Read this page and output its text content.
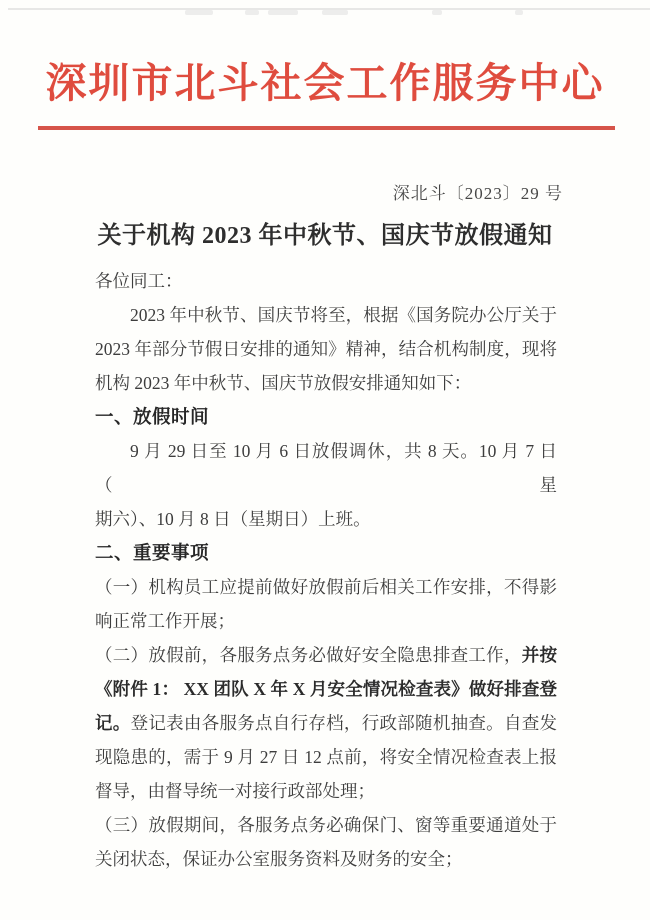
深圳市北斗社会工作服务中心
深北斗〔2023〕29 号
关于机构 2023 年中秋节、国庆节放假通知
各位同工：
2023 年中秋节、国庆节将至，根据《国务院办公厅关于
2023 年部分节假日安排的通知》精神，结合机构制度，现将
机构 2023 年中秋节、国庆节放假安排通知如下：
一、放假时间
9 月 29 日至 10 月 6 日放假调休，共 8 天。10 月 7 日（星
期六）、10 月 8 日（星期日）上班。
二、重要事项
（一）机构员工应提前做好放假前后相关工作安排，不得影
响正常工作开展；
（二）放假前，各服务点务必做好安全隐患排查工作，并按
《附件 1： XX 团队 X 年 X 月安全情况检查表》做好排查登
记。登记表由各服务点自行存档，行政部随机抽查。自查发
现隐患的，需于 9 月 27 日 12 点前，将安全情况检查表上报
督导，由督导统一对接行政部处理；
（三）放假期间，各服务点务必确保门、窗等重要通道处于
关闭状态，保证办公室服务资料及财务的安全；
